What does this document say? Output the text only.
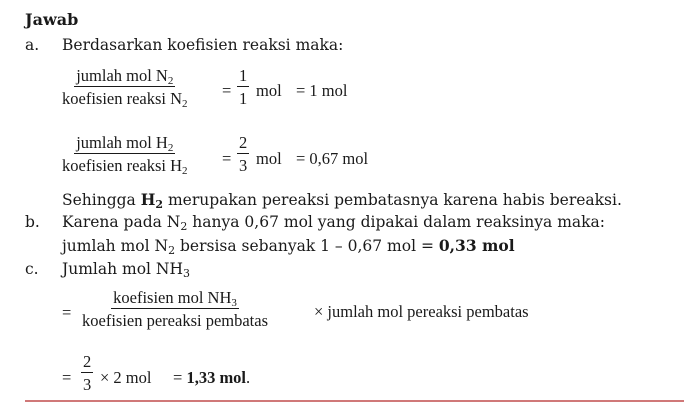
Jawab
a. Berdasarkan koefisien reaksi maka:
jumlah mol $N_2$
koefisien reaksi $N_2$
= $\frac{1}{1}$ mol = 1 mol
jumlah mol $H_2$
koefisien reaksi $H_2$
= $\frac{2}{3}$ mol = 0,67 mol
Sehingga $H_2$ merupakan pereaksi pembatasnya karena habis bereaksi.
b. Karena pada $N_2$ hanya 0,67 mol yang dipakai dalam reaksinya maka:
jumlah mol $N_2$ bersisa sebanyak 1 – 0,67 mol = 0,33 mol
c. Jumlah mol $NH_3$
=
koefisien mol $NH_3$
koefisien pereaksi pembatas	× jumlah mol pereaksi pembatas
= $\frac{2}{3} \times 2$ mol = 1,33 mol.
